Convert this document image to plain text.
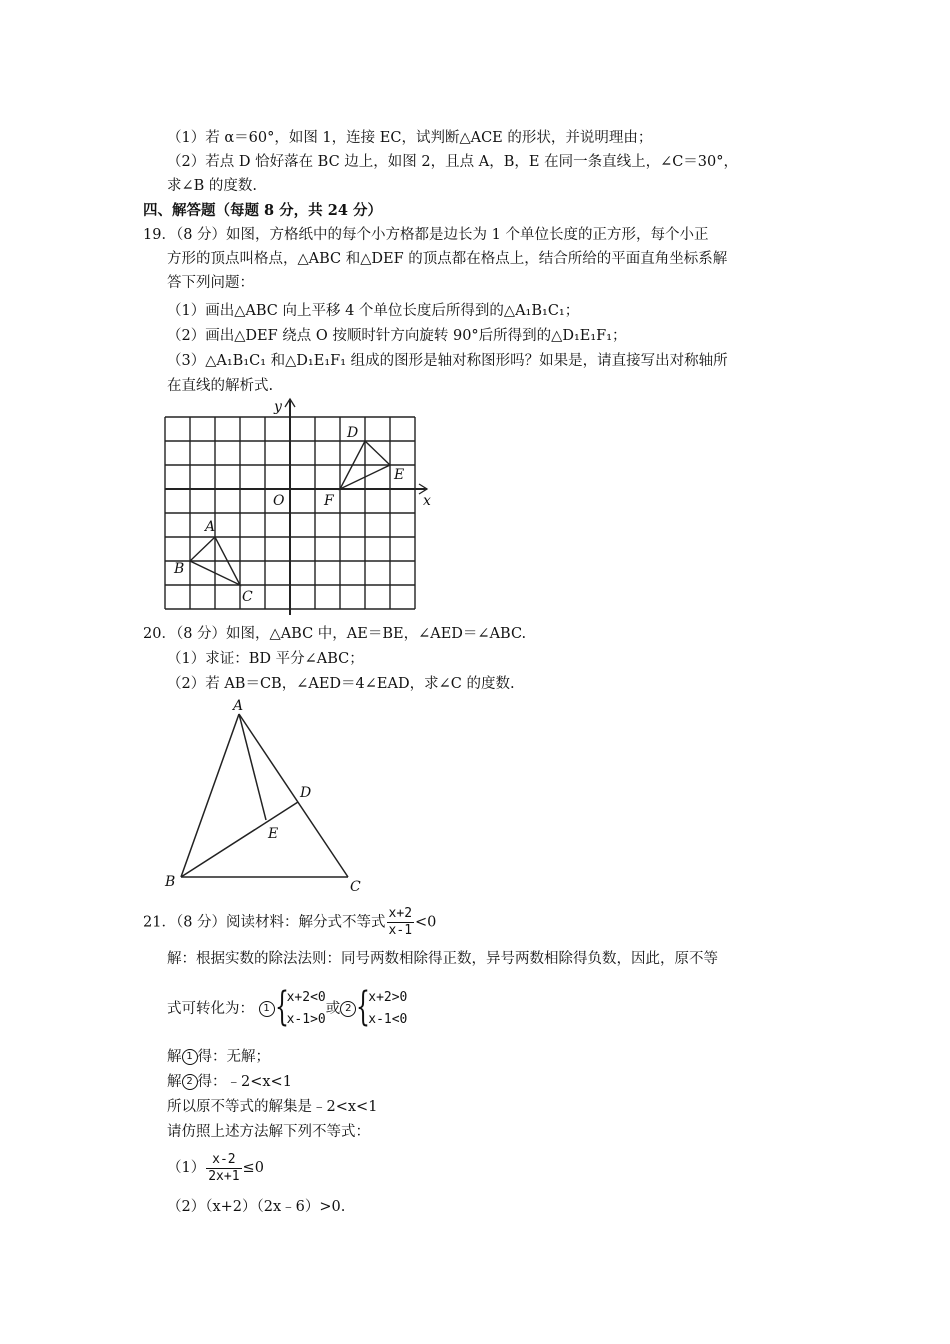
（1）若 α＝60°，如图 1，连接 EC，试判断△ACE 的形状，并说明理由；
（2）若点 D 恰好落在 BC 边上，如图 2，且点 A，B，E 在同一条直线上，∠C＝30°，
求∠B 的度数.
四、解答题（每题 8 分，共 24 分）
19．（8 分）如图，方格纸中的每个小方格都是边长为 1 个单位长度的正方形，每个小正
方形的顶点叫格点，△ABC 和△DEF 的顶点都在格点上，结合所给的平面直角坐标系解
答下列问题：
（1）画出△ABC 向上平移 4 个单位长度后所得到的△A₁B₁C₁；
（2）画出△DEF 绕点 O 按顺时针方向旋转 90°后所得到的△D₁E₁F₁；
（3）△A₁B₁C₁ 和△D₁E₁F₁ 组成的图形是轴对称图形吗？如果是，请直接写出对称轴所
在直线的解析式.
x
y
O
A
B
C
D
E
F
20．（8 分）如图，△ABC 中，AE＝BE，∠AED＝∠ABC.
（1）求证：BD 平分∠ABC；
（2）若 AB＝CB，∠AED＝4∠EAD，求∠C 的度数.
A
B	C
D
E
21．（8 分）阅读材料：解分式不等式 $\frac{x+2}{x-1} <0$
解：根据实数的除法法则：同号两数相除得正数，异号两数相除得负数，因此，原不等
式可转化为： 1 {
x+2<0
x-1>0
或 2 {
x+2>0
x-1<0
解 1 得：无解；
解 2 得：﹣2<x<1
所以原不等式的解集是﹣2<x<1
请仿照上述方法解下列不等式：
$(1) \frac{x-2}{2x+1} \le 0$
（2）（x+2）（2x﹣6）>0.
